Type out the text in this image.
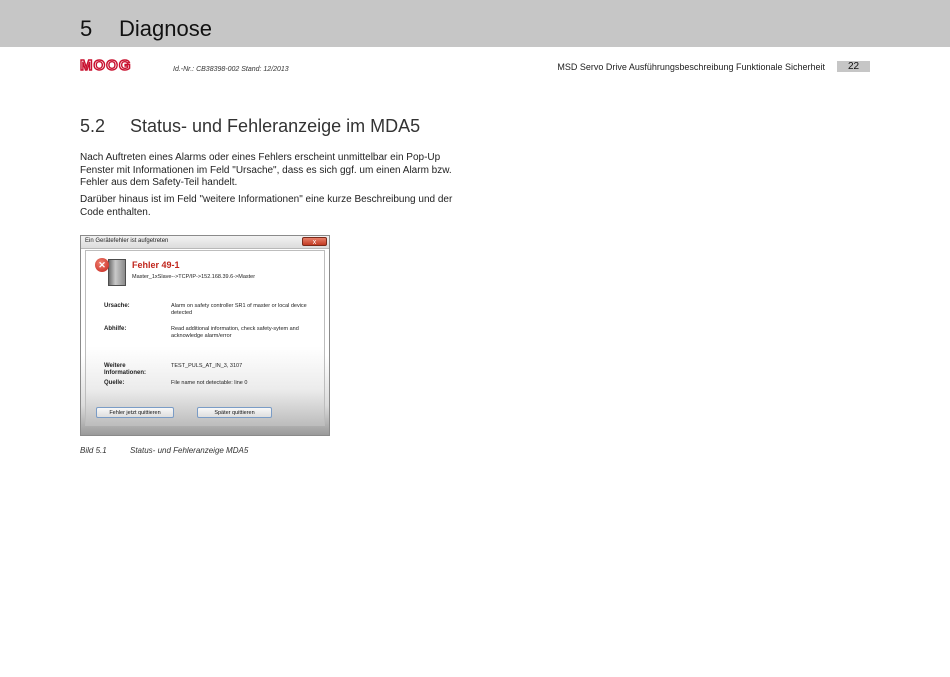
5 Diagnose
MOOG	Id.-Nr.: CB38398-002 Stand: 12/2013	MSD Servo Drive Ausführungsbeschreibung Funktionale Sicherheit	22
5.2 Status- und Fehleranzeige im MDA5

Nach Auftreten eines Alarms oder eines Fehlers erscheint unmittelbar ein Pop-Up Fenster mit Informationen im Feld "Ursache", dass es sich ggf. um einen Alarm bzw. Fehler aus dem Safety-Teil handelt.

Darüber hinaus ist im Feld "weitere Informationen" eine kurze Beschreibung und der Code enthalten.

Ein Gerätefehler ist aufgetreten	x
✕	Fehler 49-1
Master_1xSlave-->TCP/IP->152.168.39.6->Master
Ursache:	Alarm on safety controller SR1 of master or local device detected
Abhilfe:	Read additional information, check safety-sytem and acknowledge alarm/error
Weitere Informationen:
TEST_PULS_AT_IN_3, 3107
Quelle:	File name not detectable: line 0
Fehler jetzt quittieren	Später quittieren
Bild 5.1	Status- und Fehleranzeige MDA5
